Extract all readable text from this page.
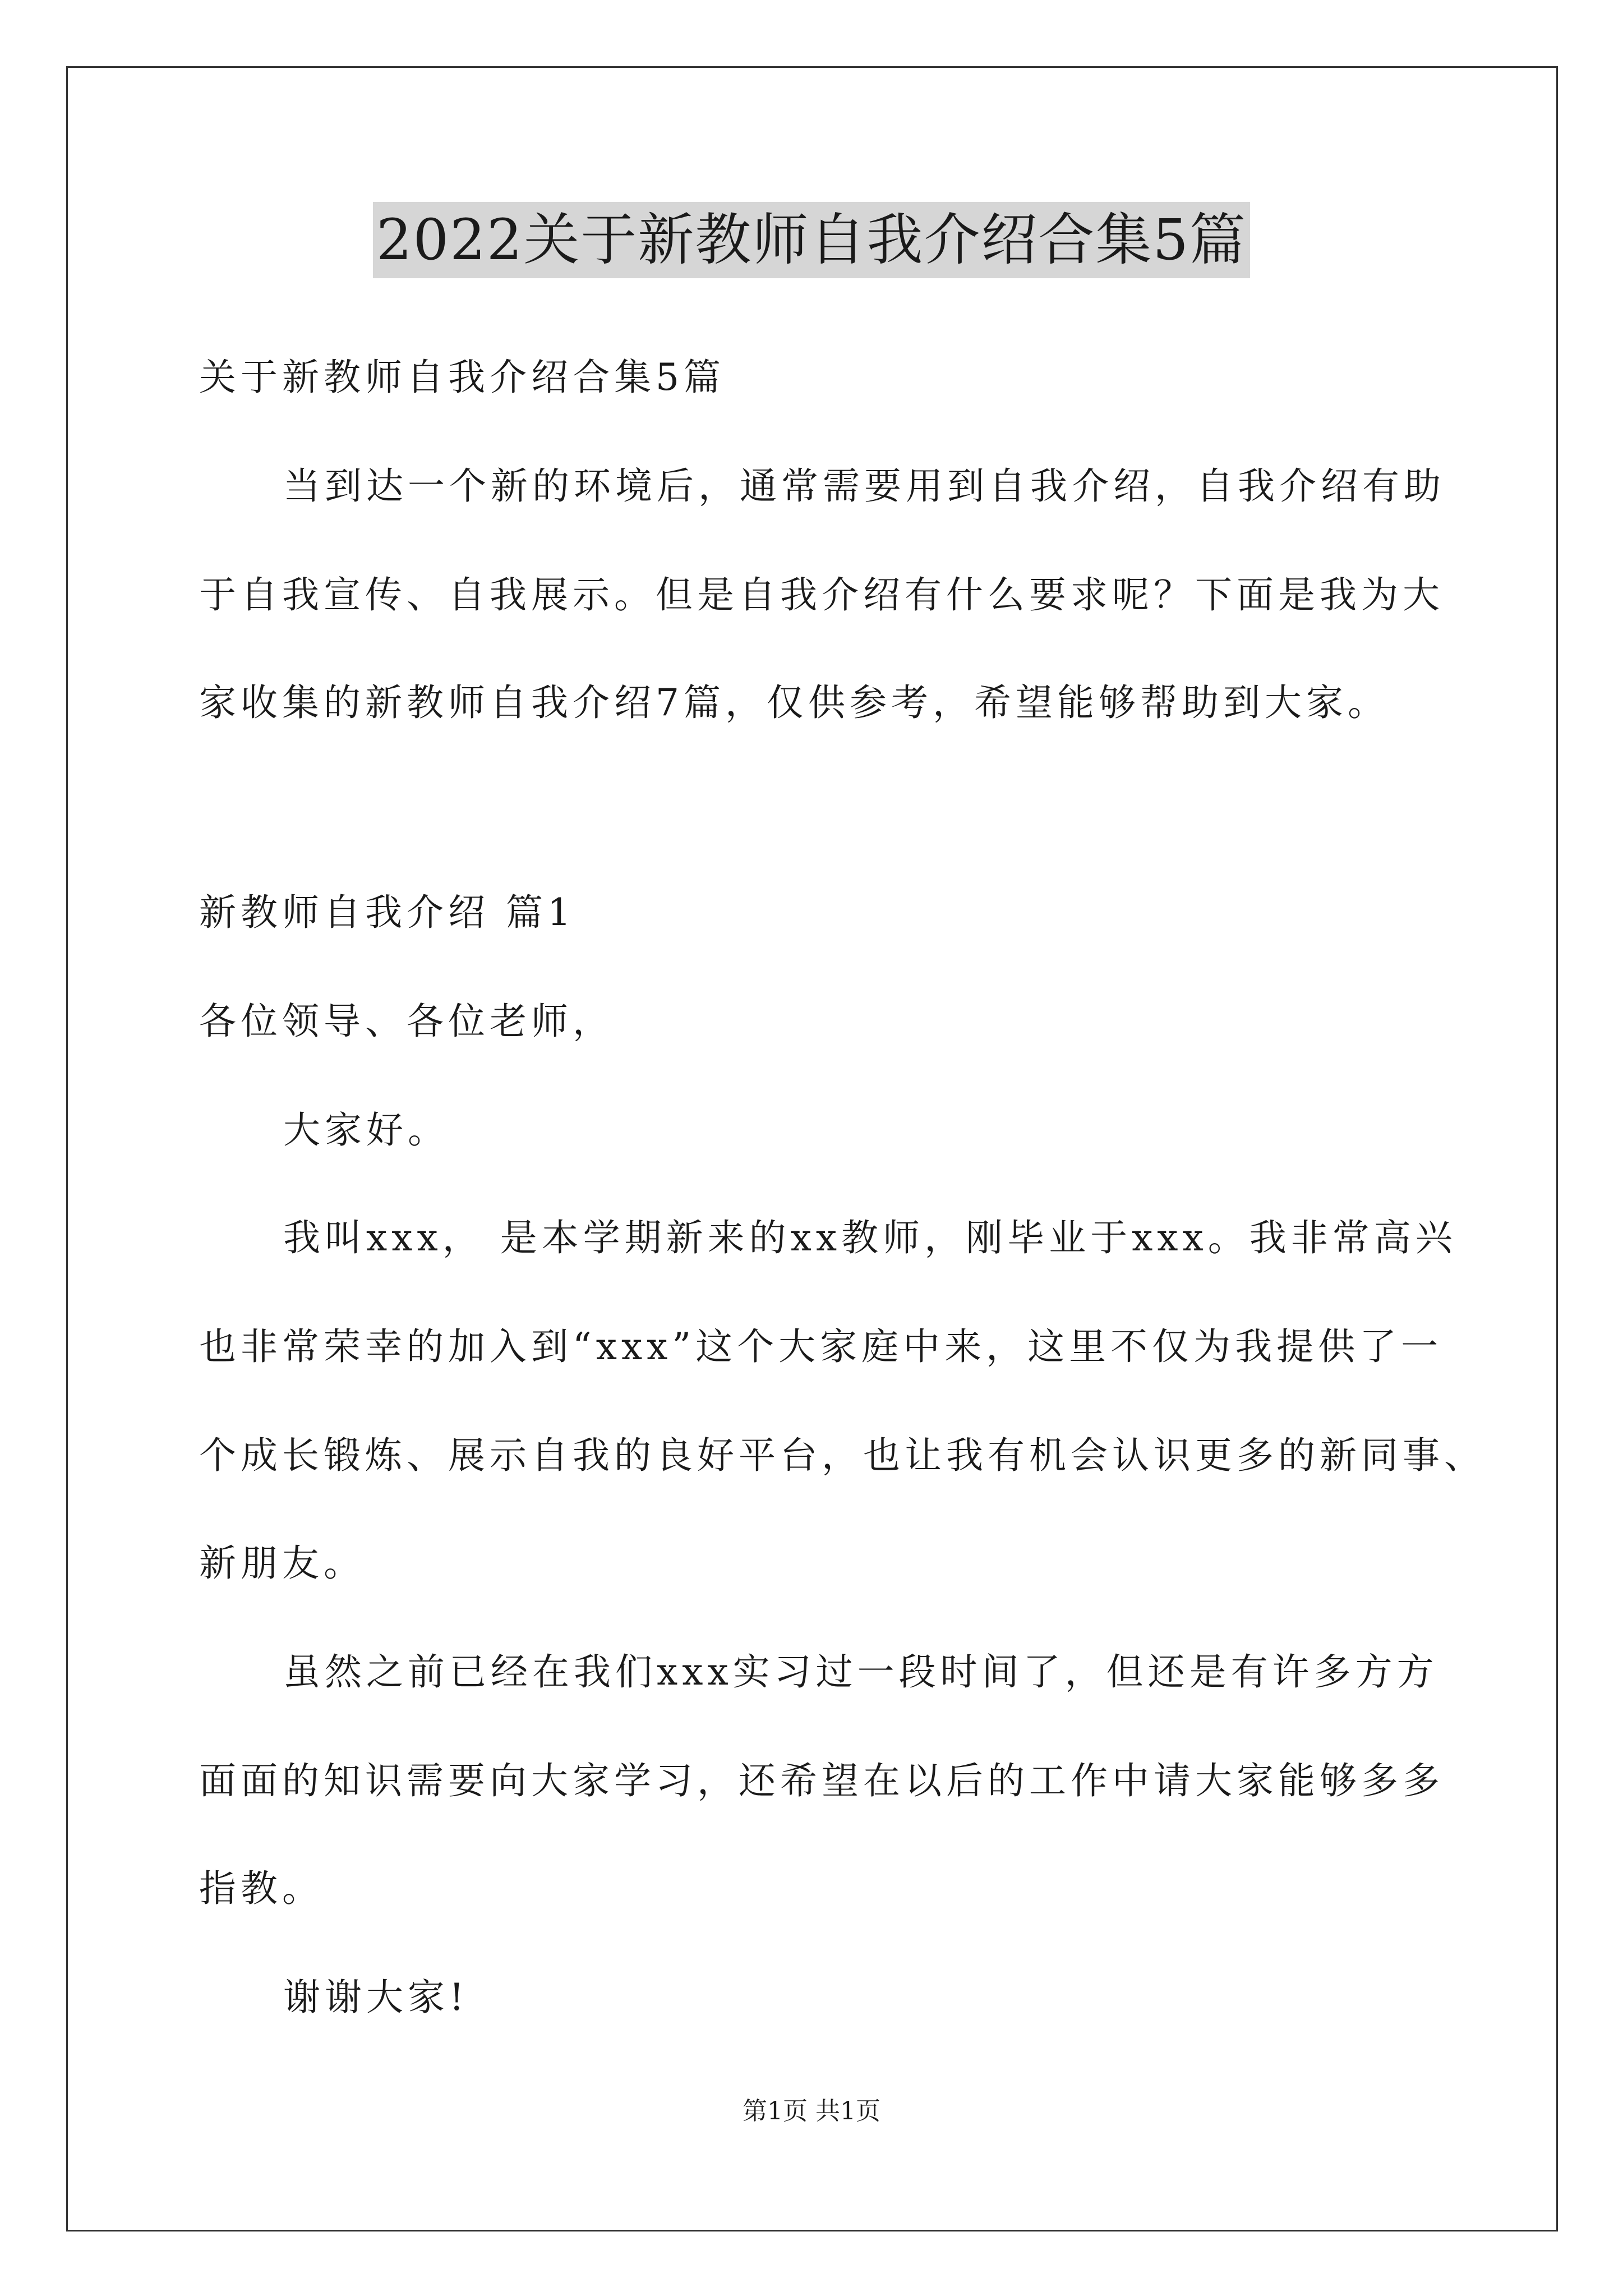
2022关于新教师自我介绍合集5篇
关于新教师自我介绍合集5篇
当到达一个新的环境后，通常需要用到自我介绍，自我介绍有助
于自我宣传、自我展示。但是自我介绍有什么要求呢？下面是我为大
家收集的新教师自我介绍7篇，仅供参考，希望能够帮助到大家。
新教师自我介绍 篇1
各位领导、各位老师，
大家好。
我叫xxx， 是本学期新来的xx教师，刚毕业于xxx。我非常高兴
也非常荣幸的加入到“xxx”这个大家庭中来，这里不仅为我提供了一
个成长锻炼、展示自我的良好平台，也让我有机会认识更多的新同事、
新朋友。
虽然之前已经在我们xxx实习过一段时间了，但还是有许多方方
面面的知识需要向大家学习，还希望在以后的工作中请大家能够多多
指教。
谢谢大家!
第1页 共1页
